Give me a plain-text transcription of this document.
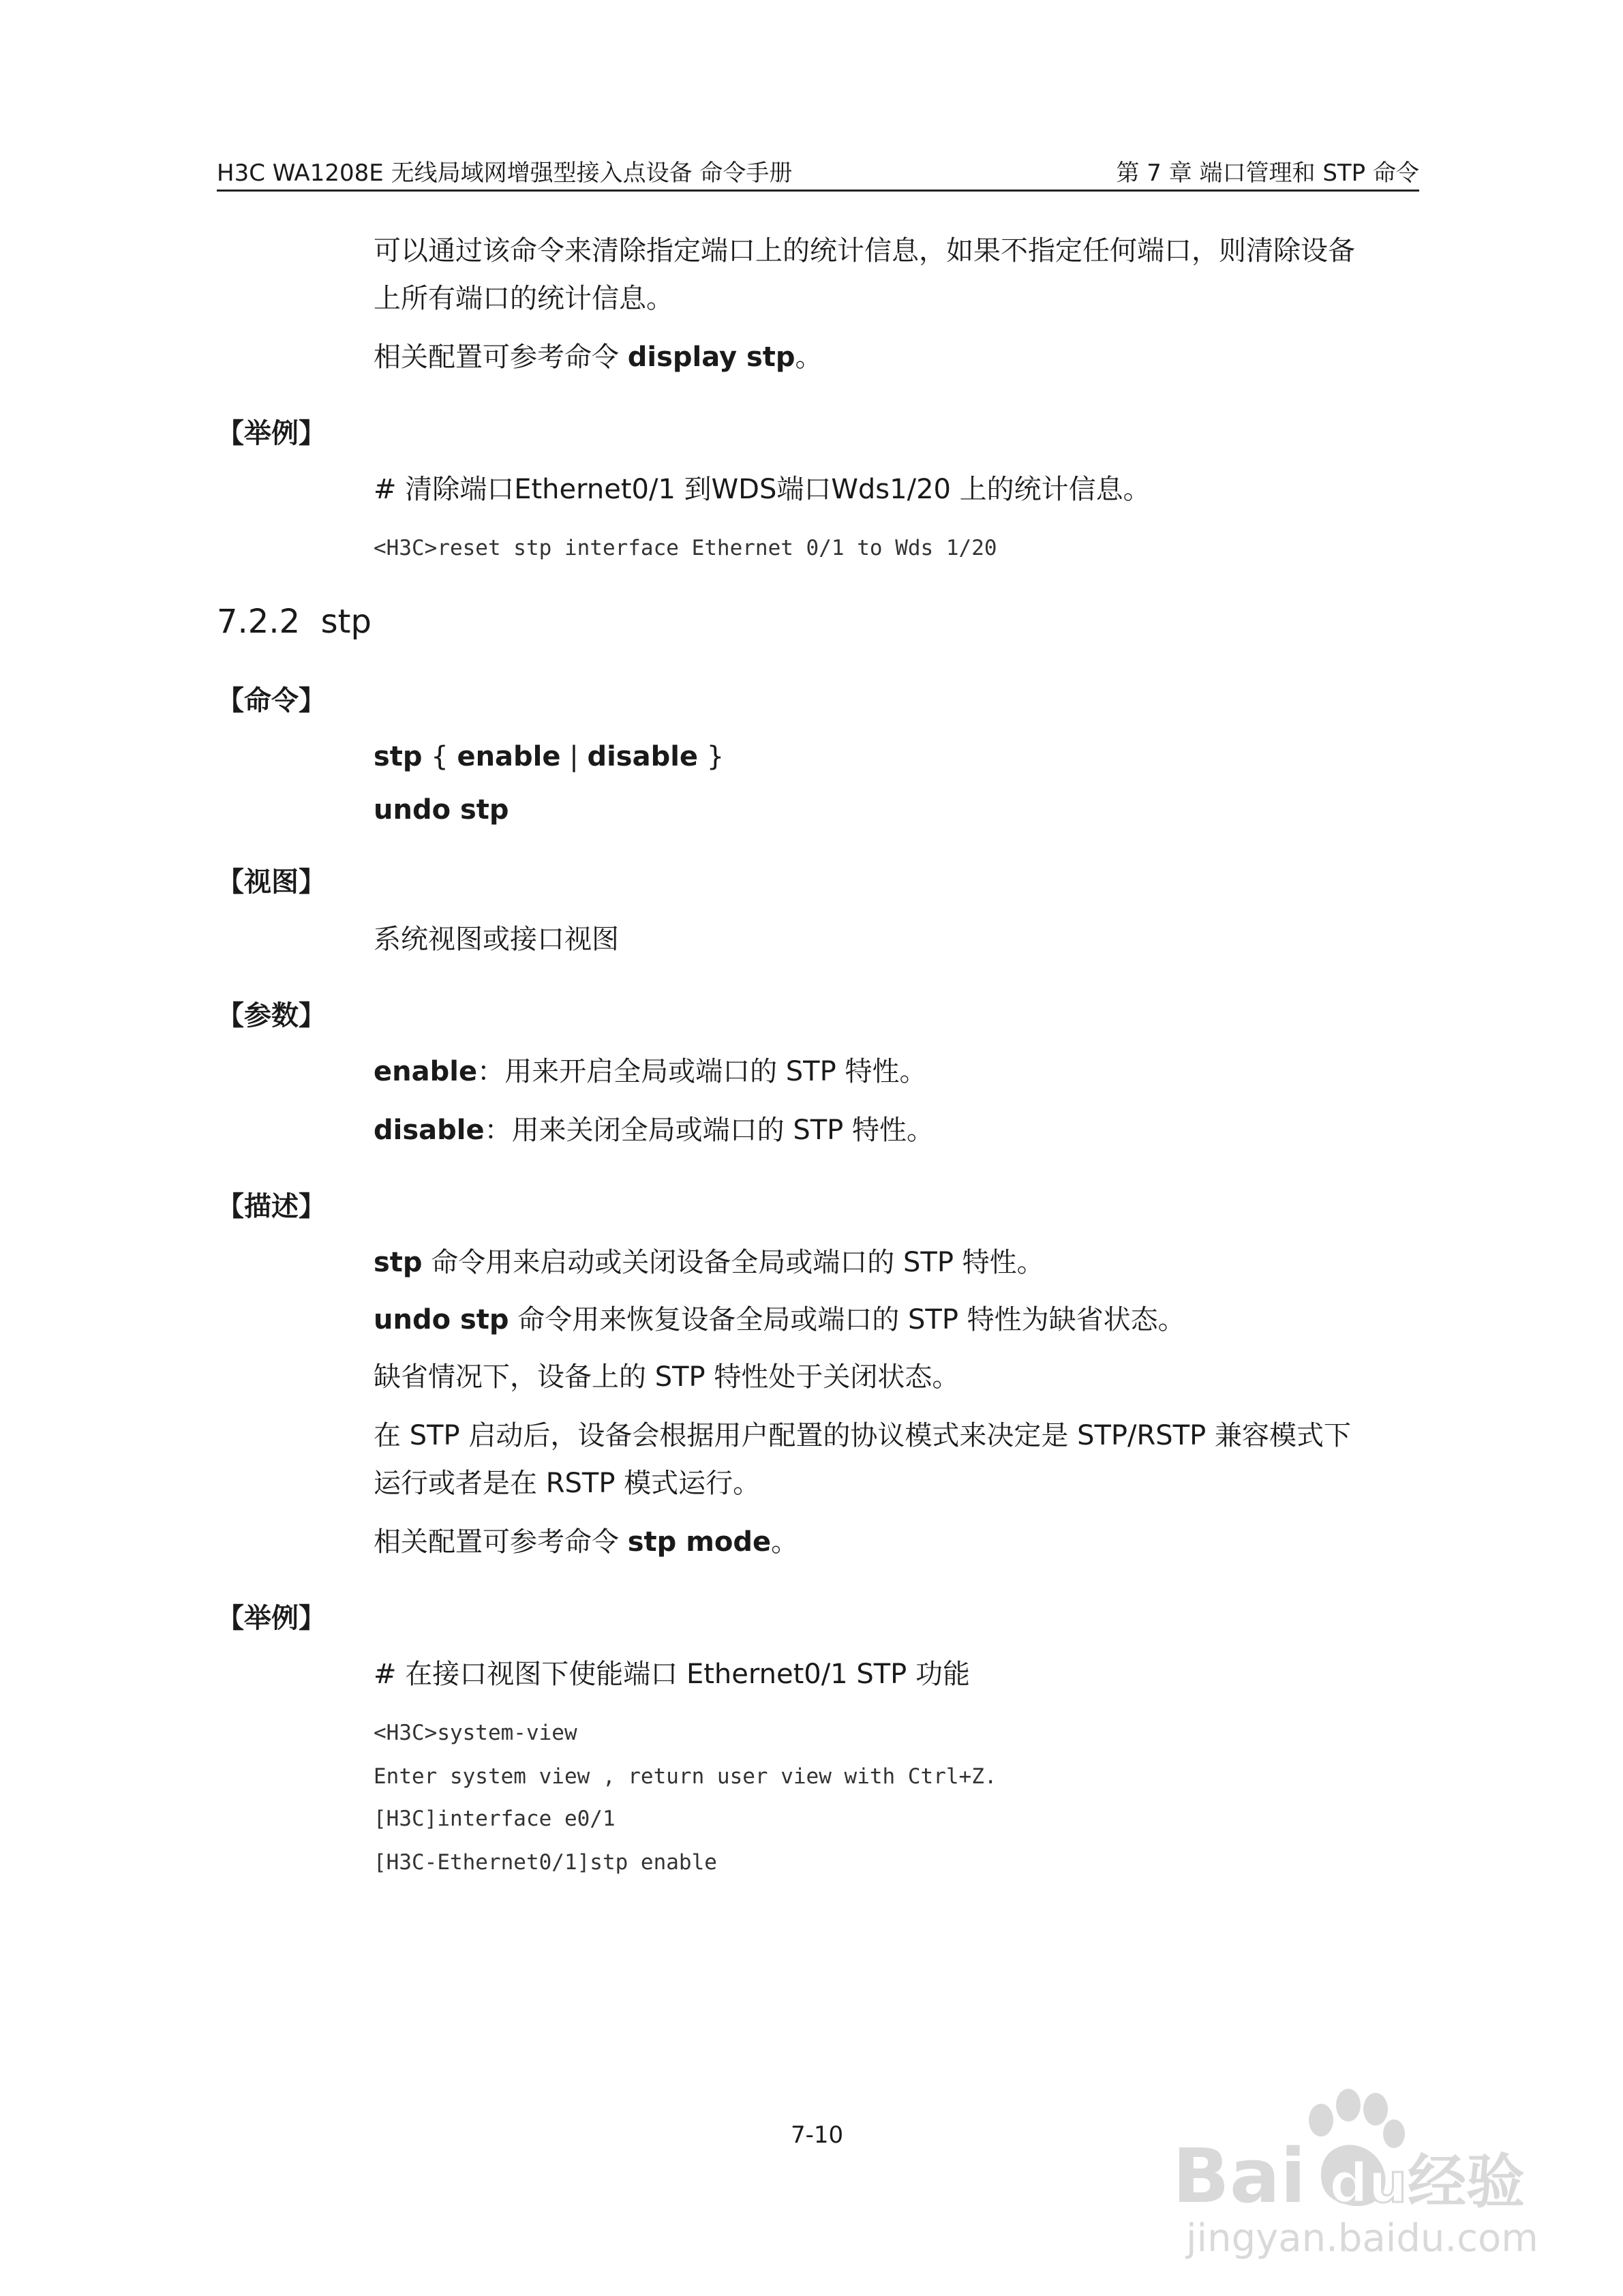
H3C WA1208E 无线局域网增强型接入点设备 命令手册	第 7 章 端口管理和 STP 命令
可以通过该命令来清除指定端口上的统计信息，如果不指定任何端口，则清除设备
上所有端口的统计信息。
相关配置可参考命令 display stp。
【举例】
# 清除端口Ethernet0/1 到WDS端口Wds1/20 上的统计信息。
<H3C>reset stp interface Ethernet 0/1 to Wds 1/20
7.2.2 stp
【命令】
stp { enable | disable }
undo stp
【视图】
系统视图或接口视图
【参数】
enable：用来开启全局或端口的 STP 特性。
disable：用来关闭全局或端口的 STP 特性。
【描述】
stp 命令用来启动或关闭设备全局或端口的 STP 特性。
undo stp 命令用来恢复设备全局或端口的 STP 特性为缺省状态。
缺省情况下，设备上的 STP 特性处于关闭状态。
在 STP 启动后，设备会根据用户配置的协议模式来决定是 STP/RSTP 兼容模式下
运行或者是在 RSTP 模式运行。
相关配置可参考命令 stp mode。
【举例】
# 在接口视图下使能端口 Ethernet0/1 STP 功能
<H3C>system-view
Enter system view , return user view with Ctrl+Z.
[H3C]interface e0/1
[H3C-Ethernet0/1]stp enable
7-10	Bai du 经验
jingyan.baidu.com
